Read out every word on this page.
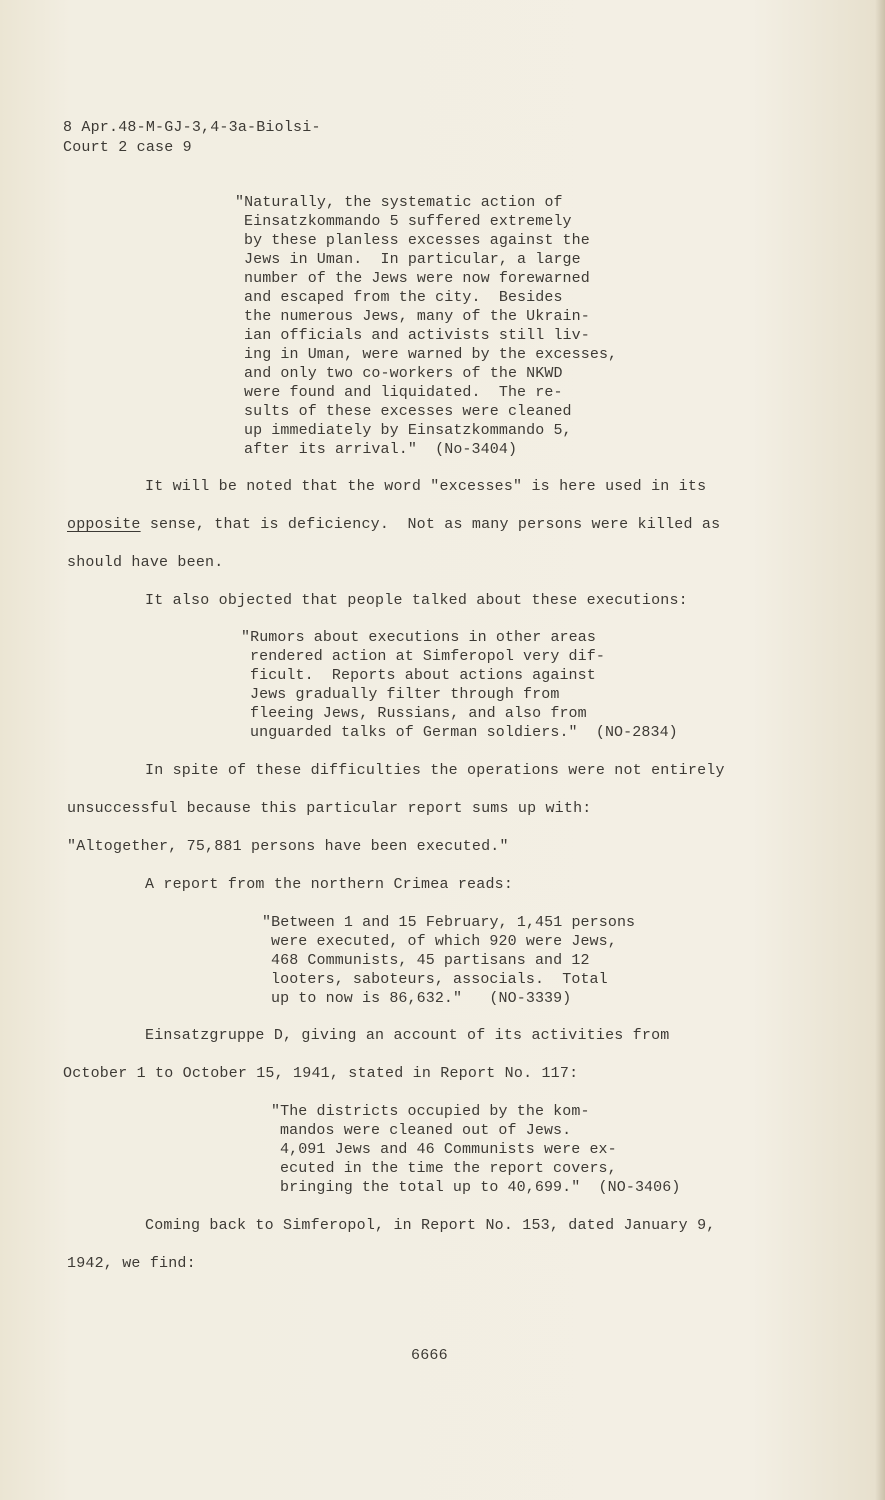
8 Apr.48-M-GJ-3,4-3a-Biolsi-
Court 2 case 9
"Naturally, the systematic action of
Einsatzkommando 5 suffered extremely
by these planless excesses against the
Jews in Uman.  In particular, a large
number of the Jews were now forewarned
and escaped from the city.  Besides
the numerous Jews, many of the Ukrain-
ian officials and activists still liv-
ing in Uman, were warned by the excesses,
and only two co-workers of the NKWD
were found and liquidated.  The re-
sults of these excesses were cleaned
up immediately by Einsatzkommando 5,
after its arrival."  (No-3404)
It will be noted that the word "excesses" is here used in its
opposite sense, that is deficiency.  Not as many persons were killed as
should have been.
It also objected that people talked about these executions:
"Rumors about executions in other areas
rendered action at Simferopol very dif-
ficult.  Reports about actions against
Jews gradually filter through from
fleeing Jews, Russians, and also from
unguarded talks of German soldiers."  (NO-2834)
In spite of these difficulties the operations were not entirely
unsuccessful because this particular report sums up with:
"Altogether, 75,881 persons have been executed."
A report from the northern Crimea reads:
"Between 1 and 15 February, 1,451 persons
were executed, of which 920 were Jews,
468 Communists, 45 partisans and 12
looters, saboteurs, associals.  Total
up to now is 86,632."   (NO-3339)
Einsatzgruppe D, giving an account of its activities from
October 1 to October 15, 1941, stated in Report No. 117:
"The districts occupied by the kom-
mandos were cleaned out of Jews.
4,091 Jews and 46 Communists were ex-
ecuted in the time the report covers,
bringing the total up to 40,699."  (NO-3406)
Coming back to Simferopol, in Report No. 153, dated January 9,
1942, we find:
6666
